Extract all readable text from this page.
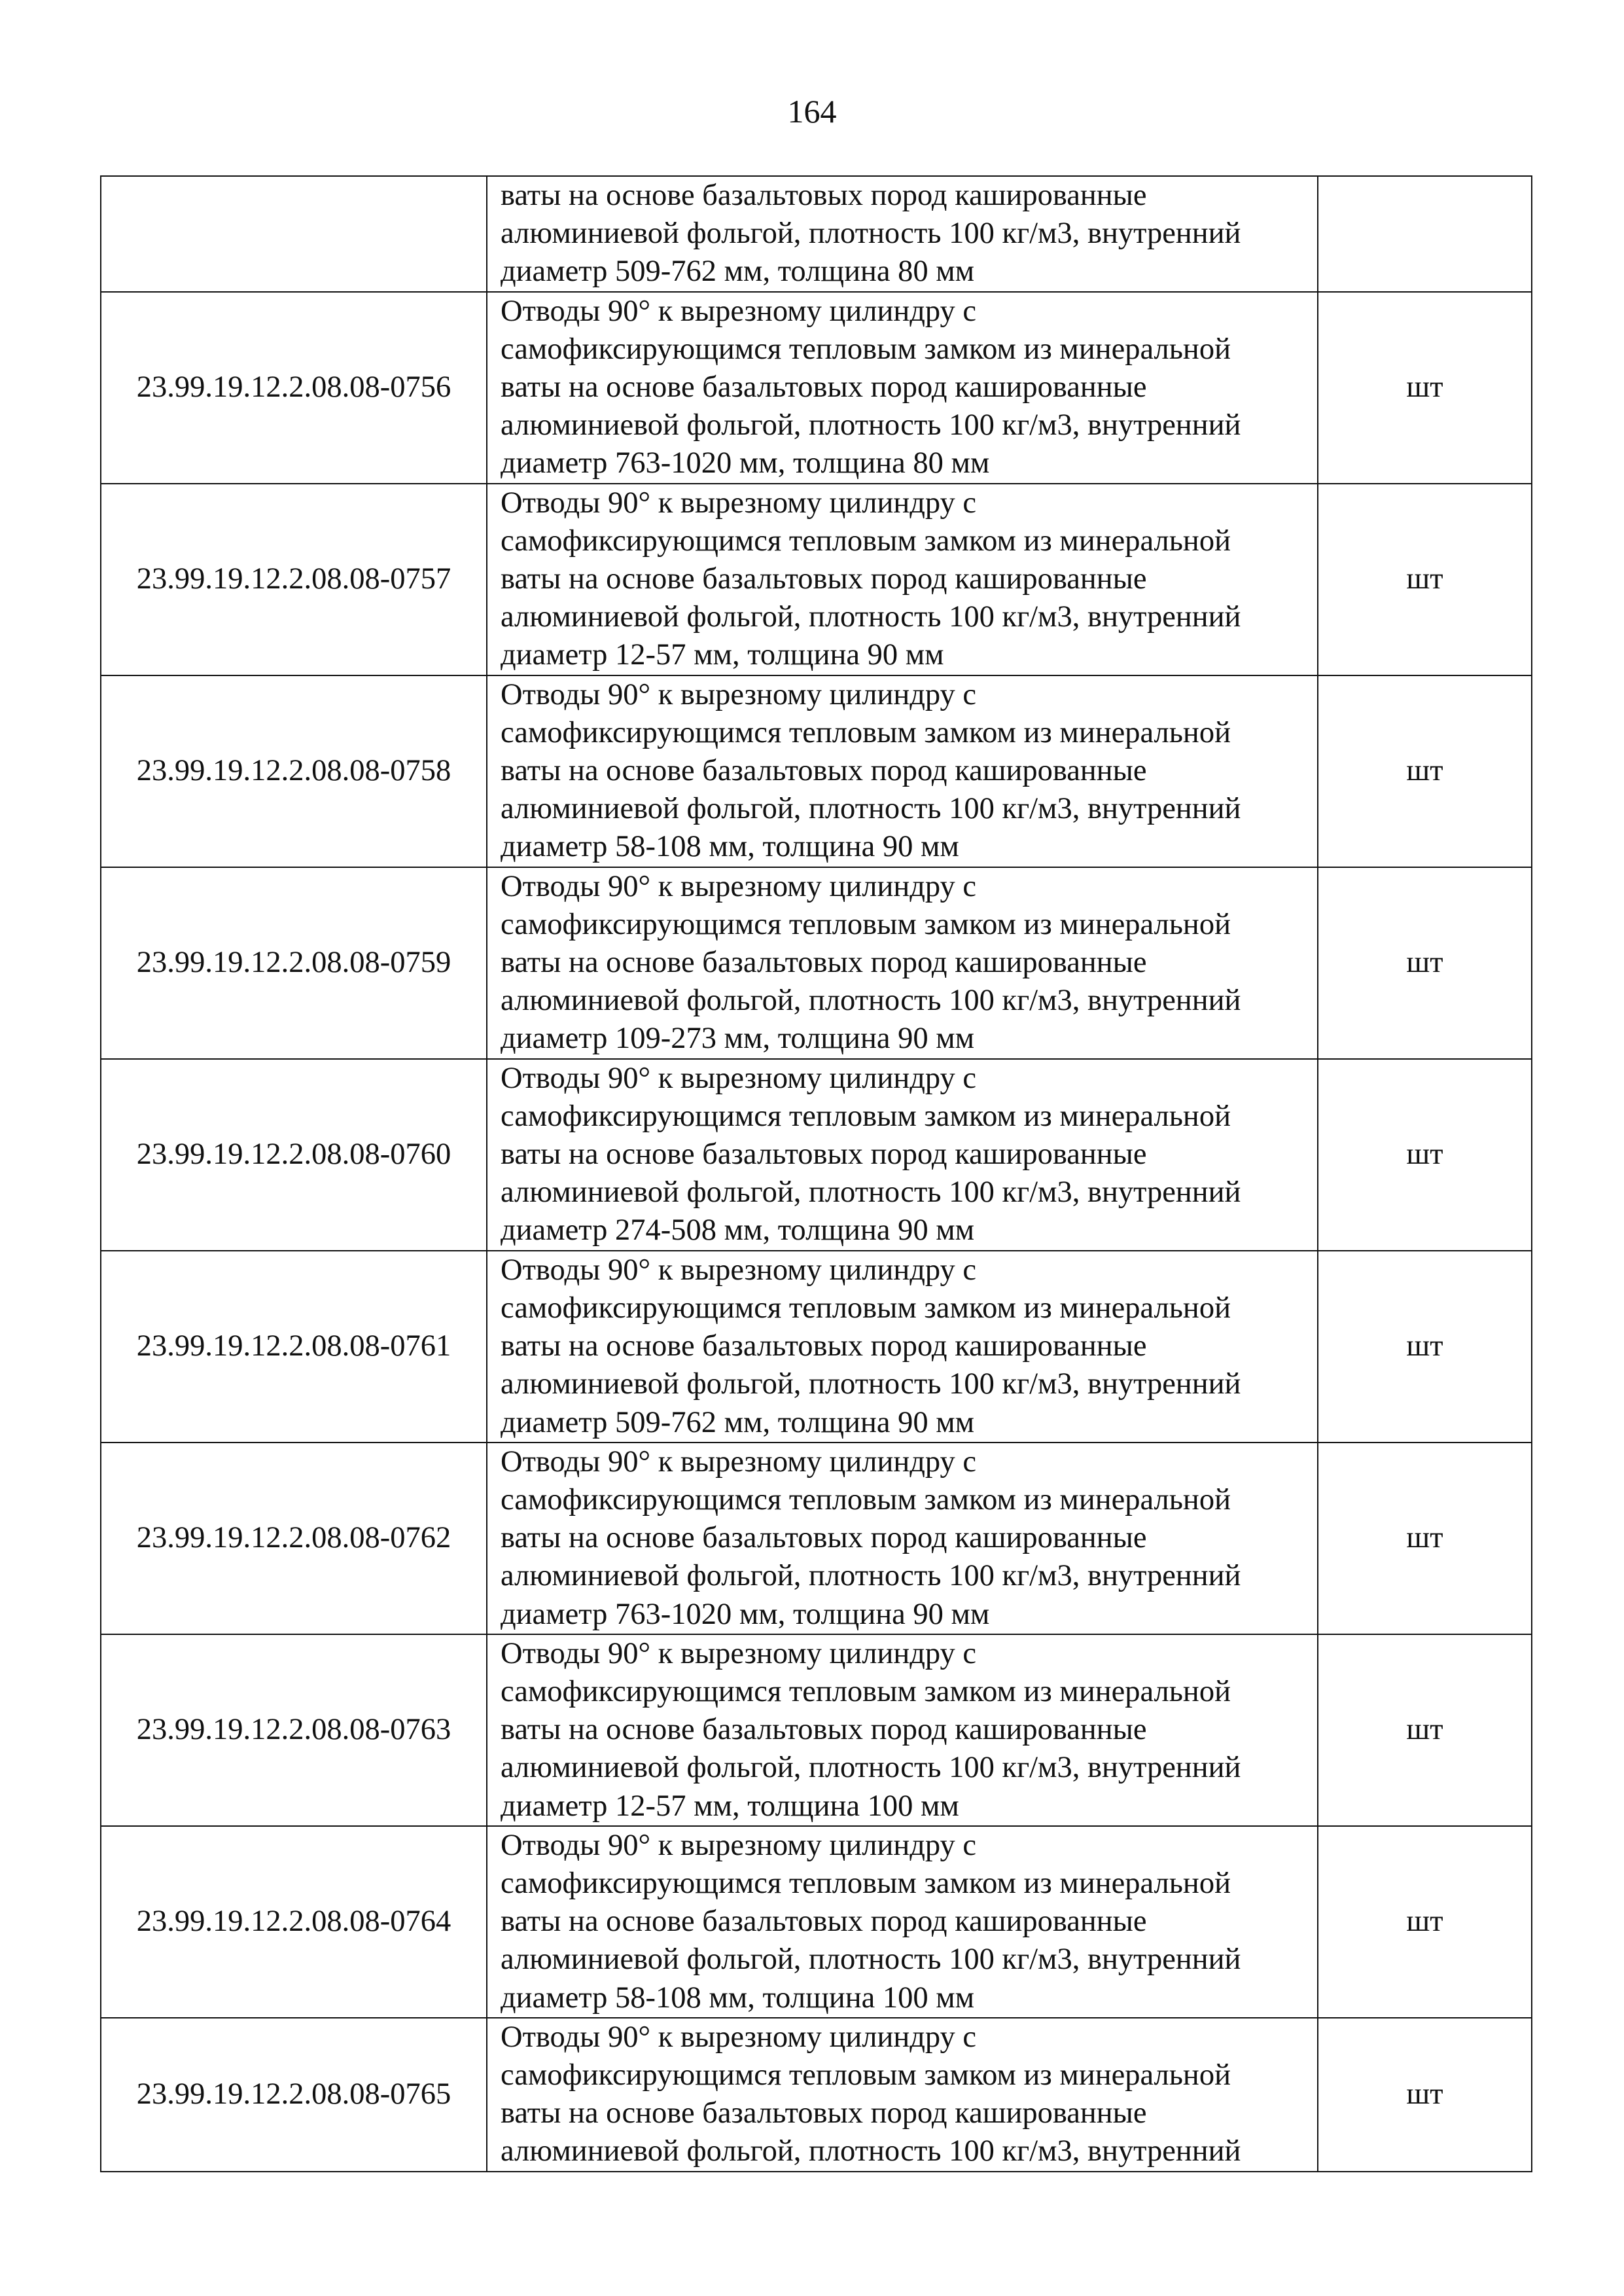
164

	ваты на основе базальтовых пород кашированные
алюминиевой фольгой, плотность 100 кг/м3, внутренний
диаметр 509-762 мм, толщина 80 мм	

23.99.19.12.2.08.08-0756	Отводы 90° к вырезному цилиндру с
самофиксирующимся тепловым замком из минеральной
ваты на основе базальтовых пород кашированные
алюминиевой фольгой, плотность 100 кг/м3, внутренний
диаметр 763-1020 мм, толщина 80 мм	шт
23.99.19.12.2.08.08-0757	Отводы 90° к вырезному цилиндру с
самофиксирующимся тепловым замком из минеральной
ваты на основе базальтовых пород кашированные
алюминиевой фольгой, плотность 100 кг/м3, внутренний
диаметр 12-57 мм, толщина 90 мм	шт
23.99.19.12.2.08.08-0758	Отводы 90° к вырезному цилиндру с
самофиксирующимся тепловым замком из минеральной
ваты на основе базальтовых пород кашированные
алюминиевой фольгой, плотность 100 кг/м3, внутренний
диаметр 58-108 мм, толщина 90 мм	шт
23.99.19.12.2.08.08-0759	Отводы 90° к вырезному цилиндру с
самофиксирующимся тепловым замком из минеральной
ваты на основе базальтовых пород кашированные
алюминиевой фольгой, плотность 100 кг/м3, внутренний
диаметр 109-273 мм, толщина 90 мм	шт
23.99.19.12.2.08.08-0760	Отводы 90° к вырезному цилиндру с
самофиксирующимся тепловым замком из минеральной
ваты на основе базальтовых пород кашированные
алюминиевой фольгой, плотность 100 кг/м3, внутренний
диаметр 274-508 мм, толщина 90 мм	шт
23.99.19.12.2.08.08-0761	Отводы 90° к вырезному цилиндру с
самофиксирующимся тепловым замком из минеральной
ваты на основе базальтовых пород кашированные
алюминиевой фольгой, плотность 100 кг/м3, внутренний
диаметр 509-762 мм, толщина 90 мм	шт
23.99.19.12.2.08.08-0762	Отводы 90° к вырезному цилиндру с
самофиксирующимся тепловым замком из минеральной
ваты на основе базальтовых пород кашированные
алюминиевой фольгой, плотность 100 кг/м3, внутренний
диаметр 763-1020 мм, толщина 90 мм	шт
23.99.19.12.2.08.08-0763	Отводы 90° к вырезному цилиндру с
самофиксирующимся тепловым замком из минеральной
ваты на основе базальтовых пород кашированные
алюминиевой фольгой, плотность 100 кг/м3, внутренний
диаметр 12-57 мм, толщина 100 мм	шт
23.99.19.12.2.08.08-0764	Отводы 90° к вырезному цилиндру с
самофиксирующимся тепловым замком из минеральной
ваты на основе базальтовых пород кашированные
алюминиевой фольгой, плотность 100 кг/м3, внутренний
диаметр 58-108 мм, толщина 100 мм	шт
23.99.19.12.2.08.08-0765	Отводы 90° к вырезному цилиндру с
самофиксирующимся тепловым замком из минеральной
ваты на основе базальтовых пород кашированные
алюминиевой фольгой, плотность 100 кг/м3, внутренний	шт
